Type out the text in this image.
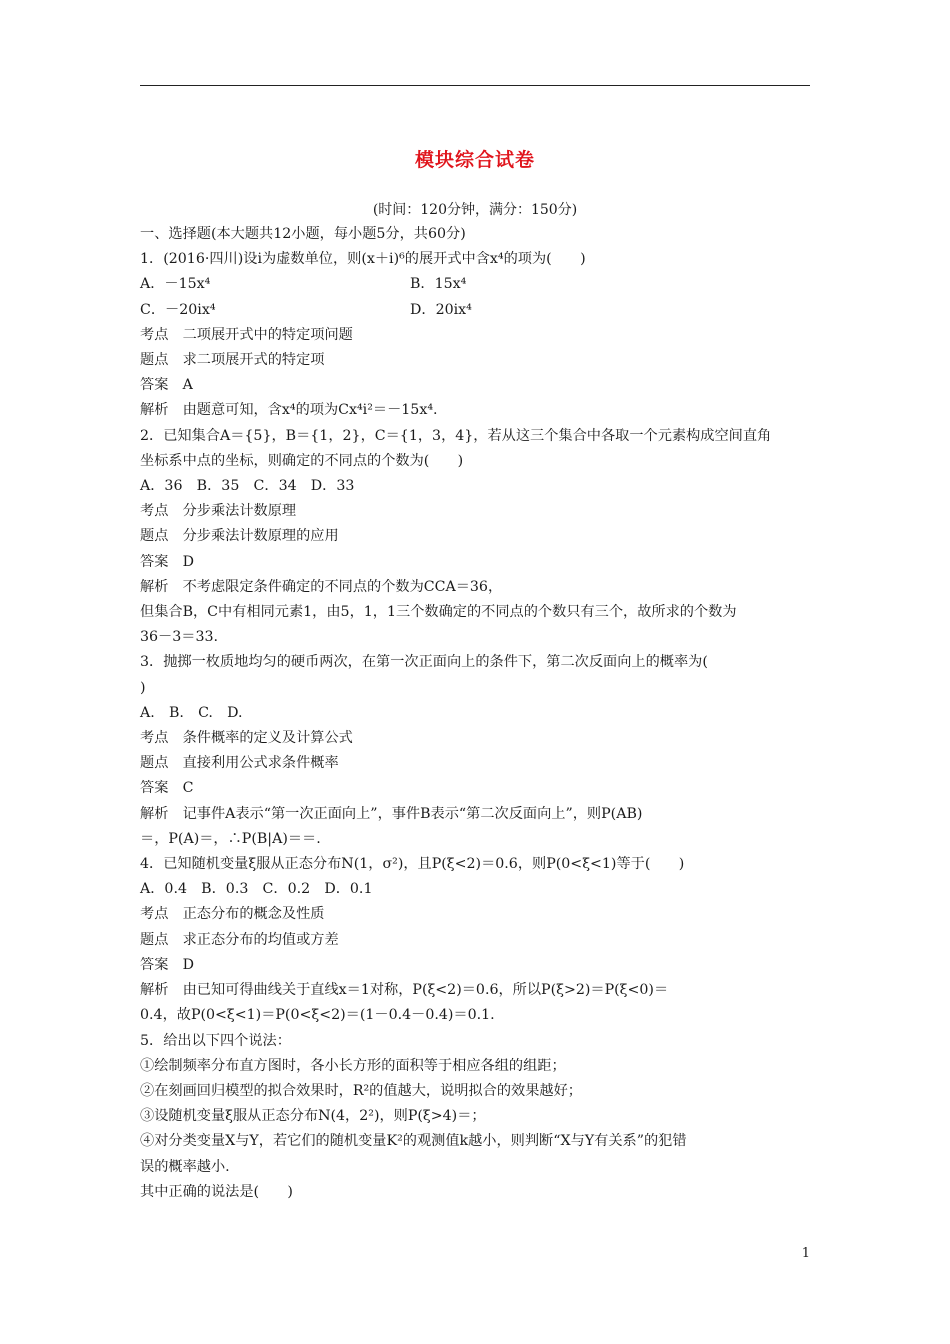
模块综合试卷
(时间：120分钟，满分：150分)
一、选择题(本大题共12小题，每小题5分，共60分)
1．(2016·四川)设i为虚数单位，则(x＋i)⁶的展开式中含x⁴的项为(　　)
A．－15x⁴	B．15x⁴
C．－20ix⁴	D．20ix⁴
考点　二项展开式中的特定项问题
题点　求二项展开式的特定项
答案　A
解析　由题意可知，含x⁴的项为Cx⁴i²＝－15x⁴.
2．已知集合A＝{5}，B＝{1，2}，C＝{1，3，4}，若从这三个集合中各取一个元素构成空间直角
坐标系中点的坐标，则确定的不同点的个数为(　　)
A．36　B．35　C．34　D．33
考点　分步乘法计数原理
题点　分步乘法计数原理的应用
答案　D
解析　不考虑限定条件确定的不同点的个数为CCA＝36，
但集合B，C中有相同元素1，由5，1，1三个数确定的不同点的个数只有三个，故所求的个数为
36－3＝33.
3．抛掷一枚质地均匀的硬币两次，在第一次正面向上的条件下，第二次反面向上的概率为(
)
A.　B.　C.　D.
考点　条件概率的定义及计算公式
题点　直接利用公式求条件概率
答案　C
解析　记事件A表示“第一次正面向上”，事件B表示“第二次反面向上”，则P(AB)
＝，P(A)＝，∴P(B|A)＝＝.
4．已知随机变量ξ服从正态分布N(1，σ²)，且P(ξ<2)＝0.6，则P(0<ξ<1)等于(　　)
A．0.4　B．0.3　C．0.2　D．0.1
考点　正态分布的概念及性质
题点　求正态分布的均值或方差
答案　D
解析　由已知可得曲线关于直线x＝1对称，P(ξ<2)＝0.6，所以P(ξ>2)＝P(ξ<0)＝
0.4，故P(0<ξ<1)＝P(0<ξ<2)＝(1－0.4－0.4)＝0.1.
5．给出以下四个说法：
①绘制频率分布直方图时，各小长方形的面积等于相应各组的组距；
②在刻画回归模型的拟合效果时，R²的值越大，说明拟合的效果越好；
③设随机变量ξ服从正态分布N(4，2²)，则P(ξ>4)＝；
④对分类变量X与Y，若它们的随机变量K²的观测值k越小，则判断“X与Y有关系”的犯错
误的概率越小.
其中正确的说法是(　　)
1
